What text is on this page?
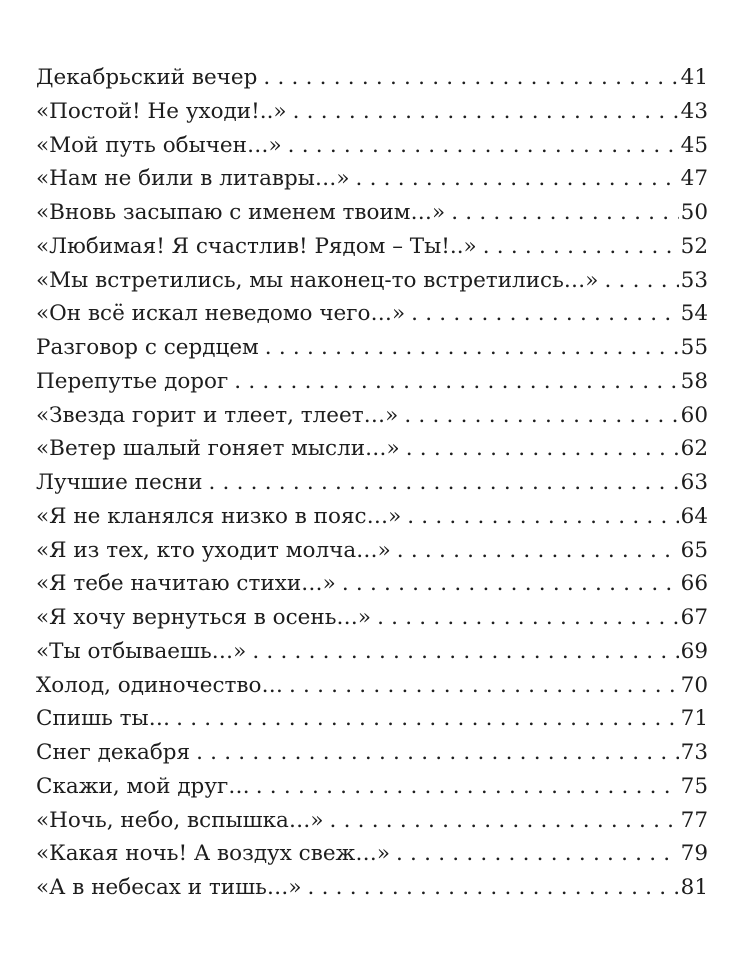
Декабрьский вечер . . .	41
«Постой! Не уходи!..» . . .	43
«Мой путь обычен…» . . .	45
«Нам не били в литавры…» . . .	47
«Вновь засыпаю с именем твоим…» . . .	50
«Любимая! Я счастлив! Рядом – Ты!..» . . .	52
«Мы встретились, мы наконец-то встретились…» . . .	53
«Он всё искал неведомо чего…» . . .	54
Разговор с сердцем . . .	55
Перепутье дорог . . .	58
«Звезда горит и тлеет, тлеет…» . . .	60
«Ветер шалый гоняет мысли…» . . .	62
Лучшие песни . . .	63
«Я не кланялся низко в пояс…» . . .	64
«Я из тех, кто уходит молча…» . . .	65
«Я тебе начитаю стихи…» . . .	66
«Я хочу вернуться в осень…» . . .	67
«Ты отбываешь…» . . .	69
Холод, одиночество… . . .	70
Спишь ты… . . .	71
Снег декабря . . .	73
Скажи, мой друг… . . .	75
«Ночь, небо, вспышка…» . . .	77
«Какая ночь! А воздух свеж…» . . .	79
«А в небесах и тишь…» . . .	81
